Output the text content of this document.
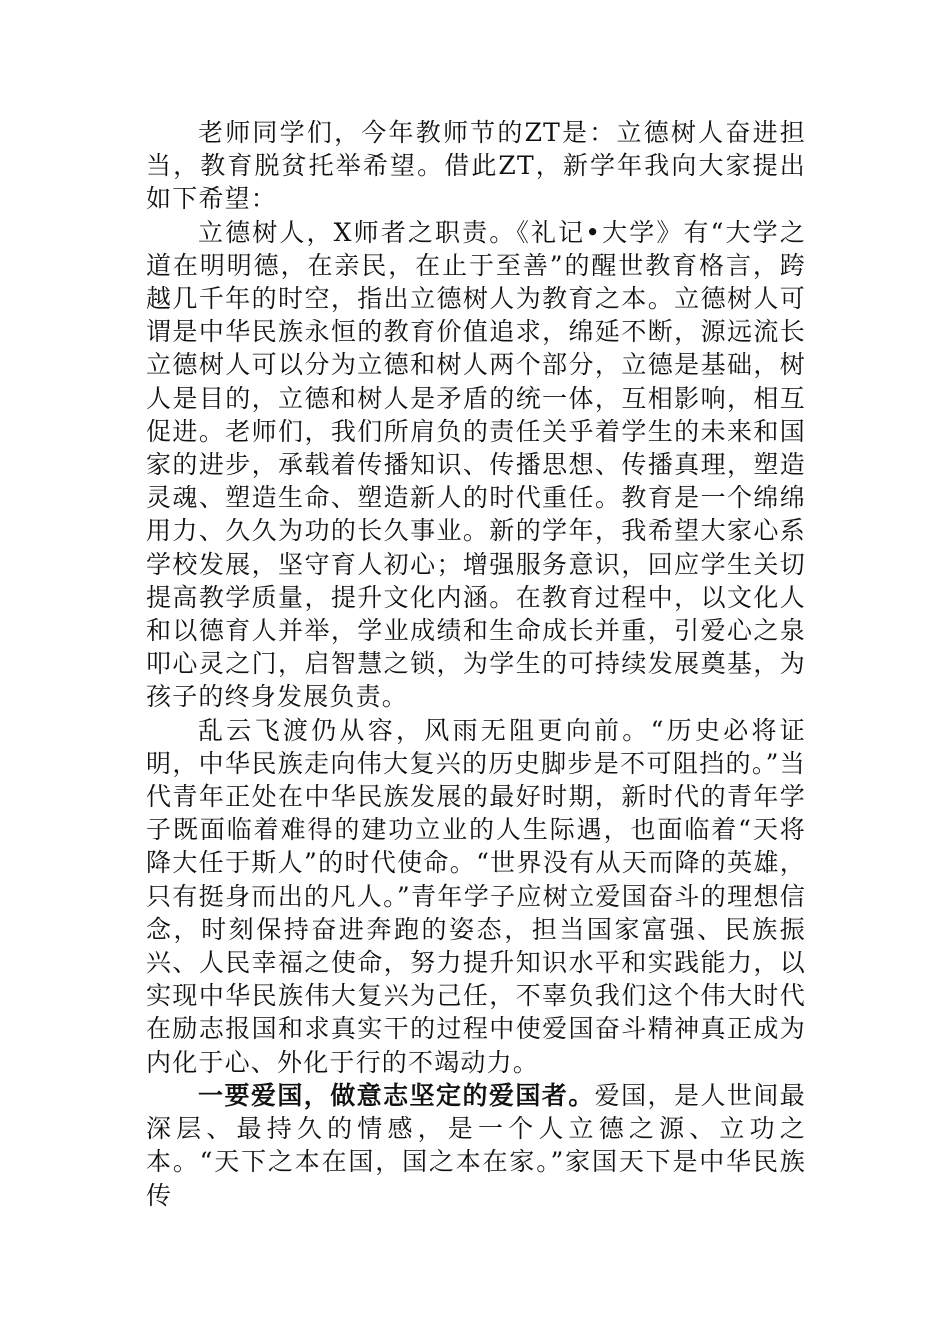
老师同学们，今年教师节的ZT是：立德树人奋进担当，教育脱贫托举希望。借此ZT，新学年我向大家提出如下希望：

立德树人，X师者之职责。《礼记•大学》有“大学之道在明明德，在亲民，在止于至善”的醒世教育格言，跨越几千年的时空，指出立德树人为教育之本。立德树人可谓是中华民族永恒的教育价值追求，绵延不断，源远流长立德树人可以分为立德和树人两个部分，立德是基础，树人是目的，立德和树人是矛盾的统一体，互相影响，相互促进。老师们，我们所肩负的责任关乎着学生的未来和国家的进步，承载着传播知识、传播思想、传播真理，塑造灵魂、塑造生命、塑造新人的时代重任。教育是一个绵绵用力、久久为功的长久事业。新的学年，我希望大家心系学校发展，坚守育人初心；增强服务意识，回应学生关切提高教学质量，提升文化内涵。在教育过程中，以文化人和以德育人并举，学业成绩和生命成长并重，引爱心之泉叩心灵之门，启智慧之锁，为学生的可持续发展奠基，为孩子的终身发展负责。

乱云飞渡仍从容，风雨无阻更向前。“历史必将证明，中华民族走向伟大复兴的历史脚步是不可阻挡的。”当代青年正处在中华民族发展的最好时期，新时代的青年学子既面临着难得的建功立业的人生际遇，也面临着“天将降大任于斯人”的时代使命。“世界没有从天而降的英雄，只有挺身而出的凡人。”青年学子应树立爱国奋斗的理想信念，时刻保持奋进奔跑的姿态，担当国家富强、民族振兴、人民幸福之使命，努力提升知识水平和实践能力，以实现中华民族伟大复兴为己任，不辜负我们这个伟大时代在励志报国和求真实干的过程中使爱国奋斗精神真正成为内化于心、外化于行的不竭动力。

一要爱国，做意志坚定的爱国者。爱国，是人世间最深层、最持久的情感，是一个人立德之源、立功之本。“天下之本在国，国之本在家。”家国天下是中华民族传
